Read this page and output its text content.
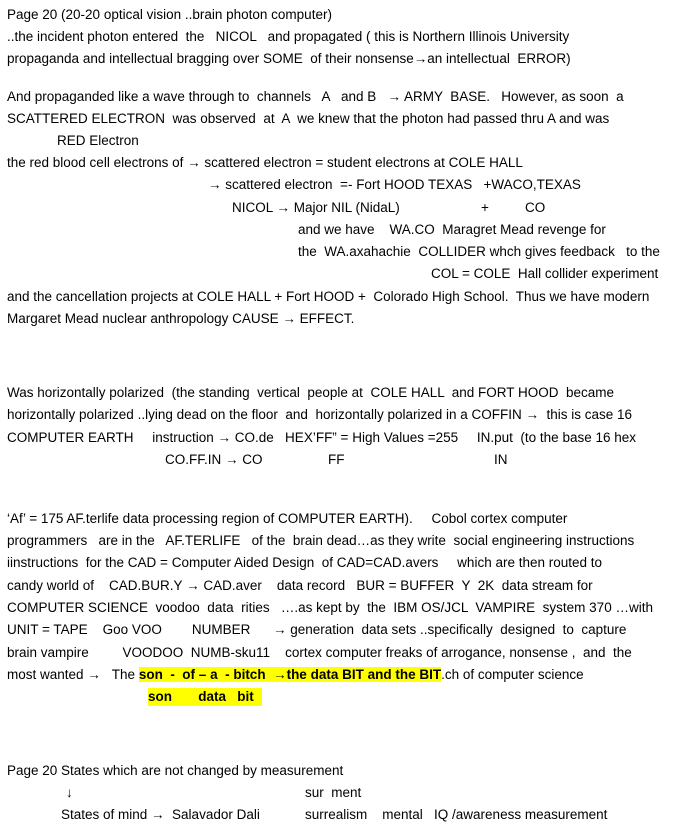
Page 20 (20-20 optical vision ..brain photon computer)
..the incident photon entered  the   NICOL   and propagated ( this is Northern Illinois University
propaganda and intellectual bragging over SOME  of their nonsense→an intellectual  ERROR)
And propaganded like a wave through to  channels   A   and B   → ARMY  BASE.   However, as soon  a
SCATTERED ELECTRON  was observed  at  A  we knew that the photon had passed thru A and was
RED Electron
the red blood cell electrons of → scattered electron = student electrons at COLE HALL
→ scattered electron  =- Fort HOOD TEXAS   +WACO,TEXAS
NICOL → Major NIL (NidaL)	+	CO
and we have    WA.CO  Maragret Mead revenge for
the  WA.axahachie  COLLIDER whch gives feedback   to the
COL = COLE  Hall collider experiment
and the cancellation projects at COLE HALL + Fort HOOD +  Colorado High School.  Thus we have modern
Margaret Mead nuclear anthropology CAUSE → EFFECT.
Was horizontally polarized  (the standing  vertical  people at  COLE HALL  and FORT HOOD  became
horizontally polarized ..lying dead on the floor  and  horizontally polarized in a COFFIN →  this is case 16
COMPUTER EARTH     instruction → CO.de   HEX’FF” = High Values =255     IN.put  (to the base 16 hex
CO.FF.IN → CO	FF	IN
‘Af’ = 175 AF.terlife data processing region of COMPUTER EARTH).     Cobol cortex computer
programmers   are in the   AF.TERLIFE   of the  brain dead…as they write  social engineering instructions
iinstructions  for the CAD = Computer Aided Design  of CAD=CAD.avers     which are then routed to
candy world of    CAD.BUR.Y → CAD.aver    data record   BUR = BUFFER  Y  2K  data stream for
COMPUTER SCIENCE  voodoo  data  rities   ….as kept by  the  IBM OS/JCL  VAMPIRE  system 370 …with
UNIT = TAPE    Goo VOO        NUMBER      → generation  data sets ..specifically  designed  to  capture
brain vampire         VOODOO  NUMB-sku11    cortex computer freaks of arrogance, nonsense ,  and  the
most wanted →   The son  -  of – a  - bitch  →the data BIT and the BIT.ch of computer science
son       data   bit
Page 20 States which are not changed by measurement
↓	sur  ment
States of mind →  Salavador Dali	surrealism    mental   IQ /awareness measurement
